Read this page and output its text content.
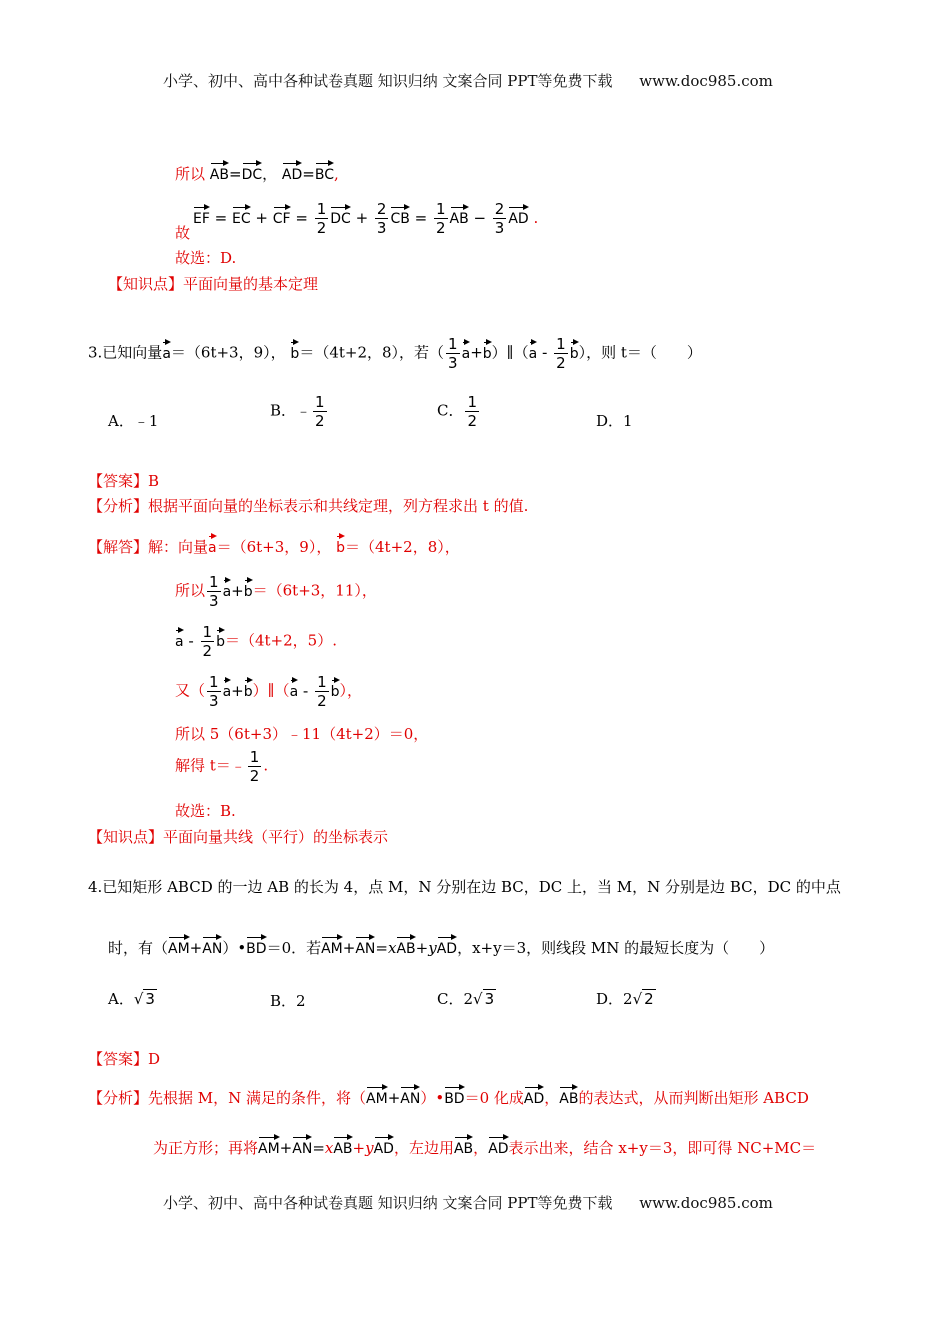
小学、初中、高中各种试卷真题 知识归纳 文案合同 PPT等免费下载 www.doc985.com
所以 AB=DC， AD=BC,
EF = EC + CF = $\frac{1}{2}$ DC + $\frac{2}{3}$ CB = $\frac{1}{2}$ AB − $\frac{2}{3}$ AD .
故
故选：D.
【知识点】平面向量的基本定理
3.已知向量a＝（6t+3，9）， b＝（4t+2，8），若（ $\frac{1}{3}$ a+b）∥（a - $\frac{1}{2} b$），则 t＝（　　）
A．﹣1
B．﹣ $\frac{1}{2}$	C． $\frac{1}{2}$	D．1
【答案】B
【分析】根据平面向量的坐标表示和共线定理，列方程求出 t 的值.
【解答】解：向量a＝（6t+3，9）， b＝（4t+2，8），
所以 $\frac{1}{3} a+b=(6t+3$，11），
$a - \frac{1}{2} b=(4t+2$，5）.
又（ $\frac{1}{3}$ a+b）∥（a - $\frac{1}{2} b$），
所以 5（6t+3）﹣11（4t+2）＝0，
解得 t＝﹣ $\frac{1}{2}$ .
故选：B.
【知识点】平面向量共线（平行）的坐标表示
4.已知矩形 ABCD 的一边 AB 的长为 4，点 M，N 分别在边 BC，DC 上，当 M，N 分别是边 BC，DC 的中点
时，有（AM+AN）•BD＝0．若AM+AN=xAB+yAD，x+y＝3，则线段 MN 的最短长度为（　　）
A．√ 3	B．2	C．2√ 3	D．2√ 2
【答案】D
【分析】先根据 M，N 满足的条件，将（AM+AN）•BD＝0 化成AD，AB的表达式，从而判断出矩形 ABCD
为正方形；再将AM+AN=xAB+yAD，左边用AB，AD表示出来，结合 x+y＝3，即可得 NC+MC＝
小学、初中、高中各种试卷真题 知识归纳 文案合同 PPT等免费下载 www.doc985.com
